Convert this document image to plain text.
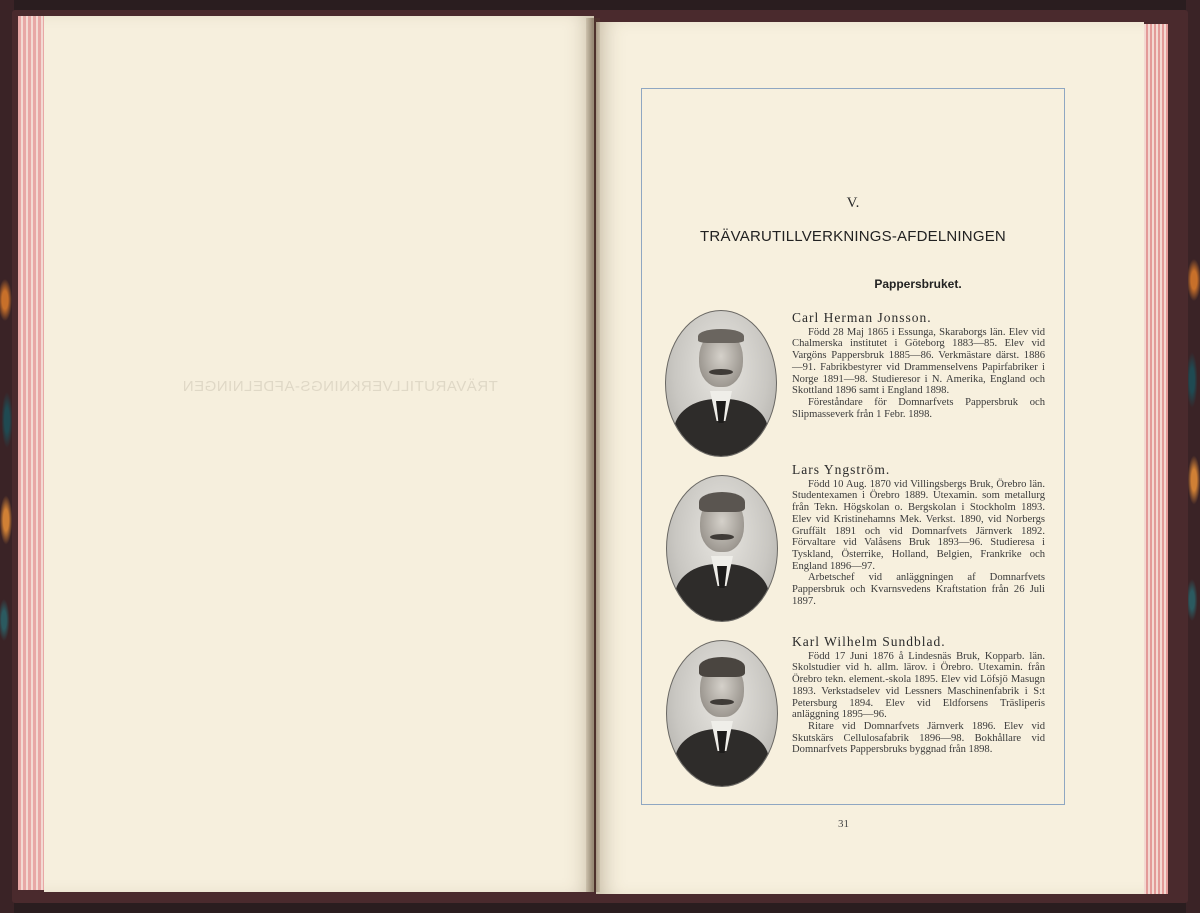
TRÄVARUTILLVERKNINGS-AFDELNINGEN
V.
TRÄVARUTILLVERKNINGS-AFDELNINGEN
Pappersbruket.
Carl Herman Jonsson.

Född 28 Maj 1865 i Essunga, Skaraborgs län. Elev vid Chalmerska institutet i Göteborg 1883—85. Elev vid Vargöns Pappersbruk 1885—86. Verkmästare därst. 1886—91. Fabrikbestyrer vid Drammenselvens Papirfabriker i Norge 1891—98. Studieresor i N. Amerika, England och Skottland 1896 samt i England 1898.

Föreståndare för Domnarfvets Pappersbruk och Slipmasseverk från 1 Febr. 1898.

Lars Yngström.

Född 10 Aug. 1870 vid Villingsbergs Bruk, Örebro län. Studentexamen i Örebro 1889. Utexamin. som metallurg från Tekn. Högskolan o. Bergskolan i Stockholm 1893. Elev vid Kristinehamns Mek. Verkst. 1890, vid Norbergs Gruffält 1891 och vid Domnarfvets Järnverk 1892. Förvaltare vid Valåsens Bruk 1893—96. Studieresa i Tyskland, Österrike, Holland, Belgien, Frankrike och England 1896—97.

Arbetschef vid anläggningen af Domnarfvets Pappersbruk och Kvarnsvedens Kraftstation från 26 Juli 1897.

Karl Wilhelm Sundblad.

Född 17 Juni 1876 å Lindesnäs Bruk, Kopparb. län. Skolstudier vid h. allm. lärov. i Örebro. Utexamin. från Örebro tekn. element.-skola 1895. Elev vid Löfsjö Masugn 1893. Verkstadselev vid Lessners Maschinenfabrik i S:t Petersburg 1894. Elev vid Eldforsens Träsliperis anläggning 1895—96.

Ritare vid Domnarfvets Järnverk 1896. Elev vid Skutskärs Cellulosafabrik 1896—98. Bokhållare vid Domnarfvets Pappersbruks byggnad från 1898.

31
